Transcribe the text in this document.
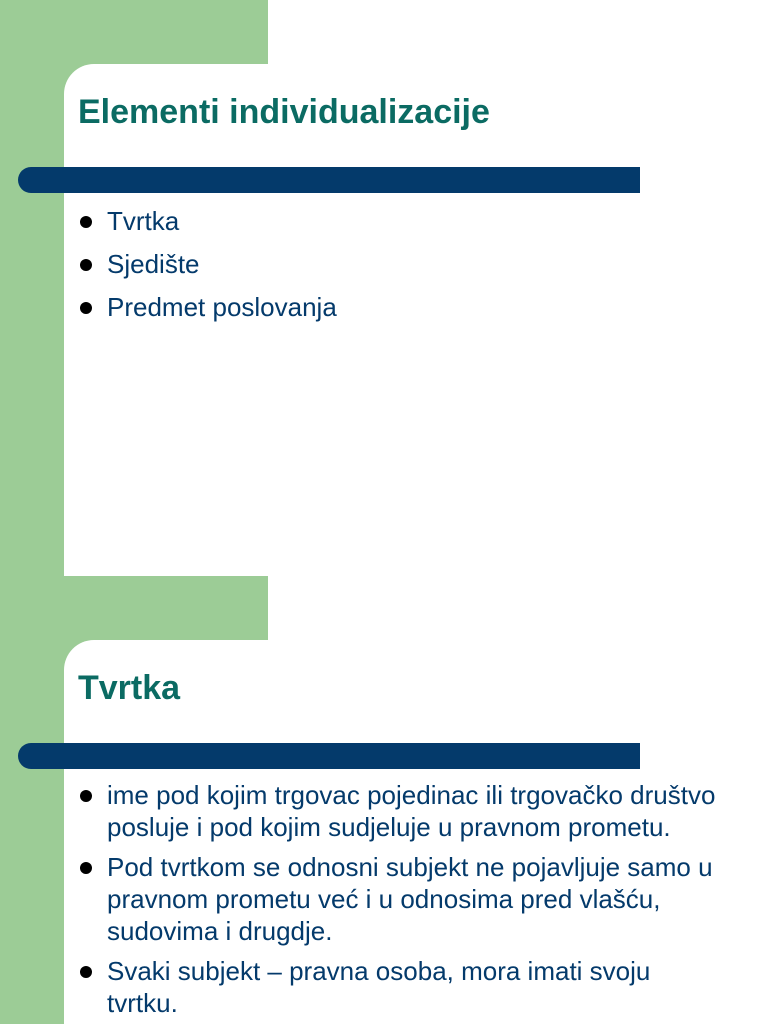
Elementi individualizacije
Tvrtka
Sjedište
Predmet poslovanja
Tvrtka
ime pod kojim trgovac pojedinac ili trgovačko društvo posluje i pod kojim sudjeluje u pravnom prometu.
Pod tvrtkom se odnosni subjekt ne pojavljuje samo u pravnom prometu već i u odnosima pred vlašću, sudovima i drugdje.
Svaki subjekt – pravna osoba, mora imati svoju tvrtku.
